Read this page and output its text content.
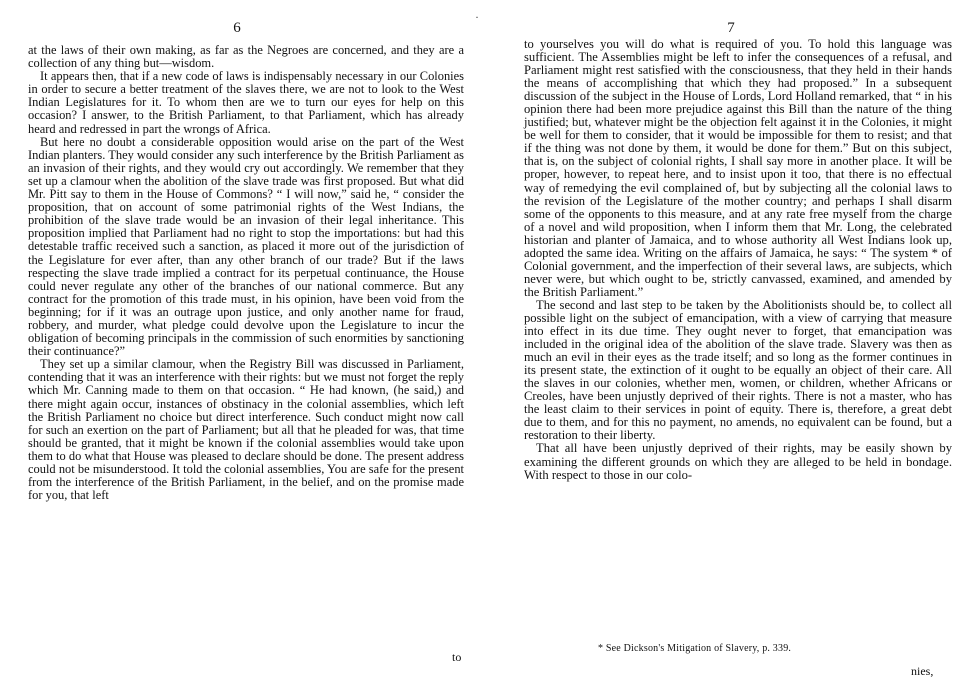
·
6

at the laws of their own making, as far as the Negroes are concerned, and they are a collection of any thing but—wisdom.

It appears then, that if a new code of laws is indispensably necessary in our Colonies in order to secure a better treatment of the slaves there, we are not to look to the West Indian Legislatures for it. To whom then are we to turn our eyes for help on this occasion? I answer, to the British Parliament, to that Parliament, which has already heard and redressed in part the wrongs of Africa.

But here no doubt a considerable opposition would arise on the part of the West Indian planters. They would consider any such interference by the British Parliament as an invasion of their rights, and they would cry out accordingly. We remember that they set up a clamour when the abolition of the slave trade was first proposed. But what did Mr. Pitt say to them in the House of Commons? “ I will now,” said he, “ consider the proposition, that on account of some patrimonial rights of the West Indians, the prohibition of the slave trade would be an invasion of their legal inheritance. This proposition implied that Parliament had no right to stop the importations: but had this detestable traffic received such a sanction, as placed it more out of the jurisdiction of the Legislature for ever after, than any other branch of our trade? But if the laws respecting the slave trade implied a contract for its perpetual continuance, the House could never regulate any other of the branches of our national commerce. But any contract for the promotion of this trade must, in his opinion, have been void from the beginning; for if it was an outrage upon justice, and only another name for fraud, robbery, and murder, what pledge could devolve upon the Legislature to incur the obligation of becoming principals in the commission of such enormities by sanctioning their continuance?”

They set up a similar clamour, when the Registry Bill was discussed in Parliament, contending that it was an interference with their rights: but we must not forget the reply which Mr. Canning made to them on that occasion. “ He had known, (he said,) and there might again occur, instances of obstinacy in the colonial assemblies, which left the British Parliament no choice but direct interference. Such conduct might now call for such an exertion on the part of Parliament; but all that he pleaded for was, that time should be granted, that it might be known if the colonial assemblies would take upon them to do what that House was pleased to declare should be done. The present address could not be misunderstood. It told the colonial assemblies, You are safe for the present from the interference of the British Parliament, in the belief, and on the promise made for you, that left

to
7

to yourselves you will do what is required of you. To hold this language was sufficient. The Assemblies might be left to infer the consequences of a refusal, and Parliament might rest satisfied with the consciousness, that they held in their hands the means of accomplishing that which they had proposed.” In a subsequent discussion of the subject in the House of Lords, Lord Holland remarked, that “ in his opinion there had been more prejudice against this Bill than the nature of the thing justified; but, whatever might be the objection felt against it in the Colonies, it might be well for them to consider, that it would be impossible for them to resist; and that if the thing was not done by them, it would be done for them.” But on this subject, that is, on the subject of colonial rights, I shall say more in another place. It will be proper, however, to repeat here, and to insist upon it too, that there is no effectual way of remedying the evil complained of, but by subjecting all the colonial laws to the revision of the Legislature of the mother country; and perhaps I shall disarm some of the opponents to this measure, and at any rate free myself from the charge of a novel and wild proposition, when I inform them that Mr. Long, the celebrated historian and planter of Jamaica, and to whose authority all West Indians look up, adopted the same idea. Writing on the affairs of Jamaica, he says: “ The system * of Colonial government, and the imperfection of their several laws, are subjects, which never were, but which ought to be, strictly canvassed, examined, and amended by the British Parliament.”

The second and last step to be taken by the Abolitionists should be, to collect all possible light on the subject of emancipation, with a view of carrying that measure into effect in its due time. They ought never to forget, that emancipation was included in the original idea of the abolition of the slave trade. Slavery was then as much an evil in their eyes as the trade itself; and so long as the former continues in its present state, the extinction of it ought to be equally an object of their care. All the slaves in our colonies, whether men, women, or children, whether Africans or Creoles, have been unjustly deprived of their rights. There is not a master, who has the least claim to their services in point of equity. There is, therefore, a great debt due to them, and for this no payment, no amends, no equivalent can be found, but a restoration to their liberty.

That all have been unjustly deprived of their rights, may be easily shown by examining the different grounds on which they are alleged to be held in bondage. With respect to those in our colo-

* See Dickson's Mitigation of Slavery, p. 339.
nies,
